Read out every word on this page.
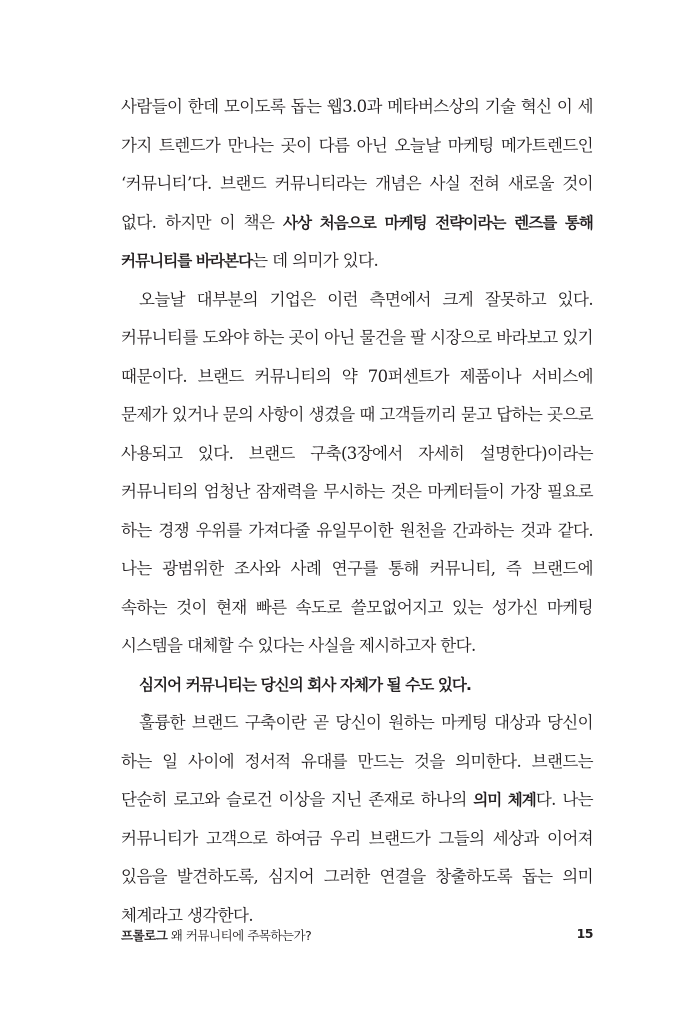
사람들이 한데 모이도록 돕는 웹3.0과 메타버스상의 기술 혁신 이 세 가지 트렌드가 만나는 곳이 다름 아닌 오늘날 마케팅 메가트렌드인 ‘커뮤니티’다. 브랜드 커뮤니티라는 개념은 사실 전혀 새로울 것이 없다. 하지만 이 책은 사상 처음으로 마케팅 전략이라는 렌즈를 통해 커뮤니티를 바라본다는 데 의미가 있다.

오늘날 대부분의 기업은 이런 측면에서 크게 잘못하고 있다. 커뮤니티를 도와야 하는 곳이 아닌 물건을 팔 시장으로 바라보고 있기 때문이다. 브랜드 커뮤니티의 약 70퍼센트가 제품이나 서비스에 문제가 있거나 문의 사항이 생겼을 때 고객들끼리 묻고 답하는 곳으로 사용되고 있다. 브랜드 구축(3장에서 자세히 설명한다)이라는 커뮤니티의 엄청난 잠재력을 무시하는 것은 마케터들이 가장 필요로 하는 경쟁 우위를 가져다줄 유일무이한 원천을 간과하는 것과 같다. 나는 광범위한 조사와 사례 연구를 통해 커뮤니티, 즉 브랜드에 속하는 것이 현재 빠른 속도로 쓸모없어지고 있는 성가신 마케팅 시스템을 대체할 수 있다는 사실을 제시하고자 한다.

심지어 커뮤니티는 당신의 회사 자체가 될 수도 있다.

훌륭한 브랜드 구축이란 곧 당신이 원하는 마케팅 대상과 당신이 하는 일 사이에 정서적 유대를 만드는 것을 의미한다. 브랜드는 단순히 로고와 슬로건 이상을 지닌 존재로 하나의 의미 체계다. 나는 커뮤니티가 고객으로 하여금 우리 브랜드가 그들의 세상과 이어져 있음을 발견하도록, 심지어 그러한 연결을 창출하도록 돕는 의미 체계라고 생각한다.

프롤로그 왜 커뮤니티에 주목하는가?	15
